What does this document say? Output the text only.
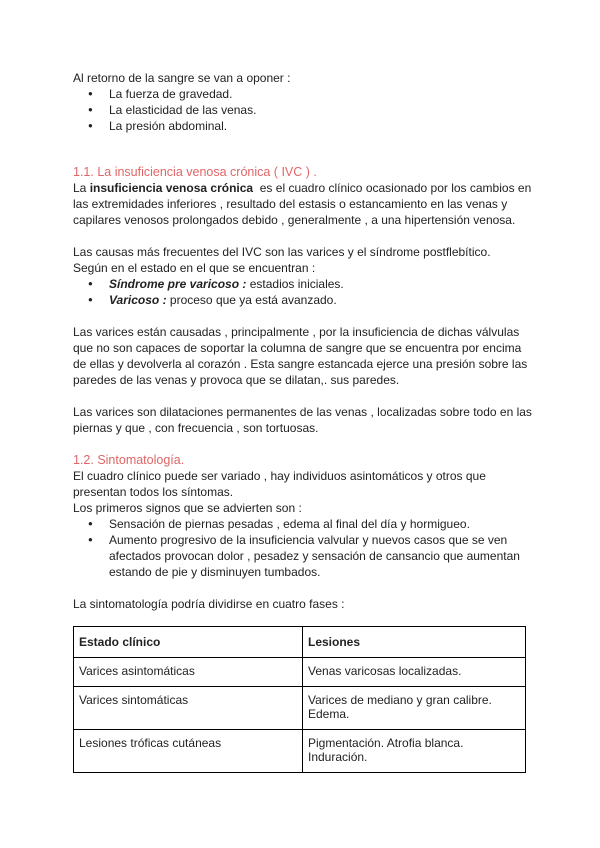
Al retorno de la sangre se van a oponer :

● La fuerza de gravedad.
● La elasticidad de las venas.
● La presión abdominal.

1.1. La insuficiencia venosa crónica ( IVC ) .

La insuficiencia venosa crónica  es el cuadro clínico ocasionado por los cambios en las extremidades inferiores , resultado del estasis o estancamiento en las venas y capilares venosos prolongados debido , generalmente , a una hipertensión venosa.

Las causas más frecuentes del IVC son las varices y el síndrome postflebítico.

Según en el estado en el que se encuentran :

● Síndrome pre varicoso : estadios iniciales.
● Varicoso : proceso que ya está avanzado.

Las varices están causadas , principalmente , por la insuficiencia de dichas válvulas que no son capaces de soportar la columna de sangre que se encuentra por encima de ellas y devolverla al corazón . Esta sangre estancada ejerce una presión sobre las paredes de las venas y provoca que se dilatan,. sus paredes.

Las varices son dilataciones permanentes de las venas , localizadas sobre todo en las piernas y que , con frecuencia , son tortuosas.

1.2. Sintomatología.

El cuadro clínico puede ser variado , hay individuos asintomáticos y otros que presentan todos los síntomas.

Los primeros signos que se advierten son :

● Sensación de piernas pesadas , edema al final del día y hormigueo.
● Aumento progresivo de la insuficiencia valvular y nuevos casos que se ven afectados provocan dolor , pesadez y sensación de cansancio que aumentan estando de pie y disminuyen tumbados.

La sintomatología podría dividirse en cuatro fases :

Estado clínico	Lesiones
Varices asintomáticas	Venas varicosas localizadas.
Varices sintomáticas	Varices de mediano y gran calibre. Edema.
Lesiones tróficas cutáneas	Pigmentación. Atrofia blanca. Induración.
